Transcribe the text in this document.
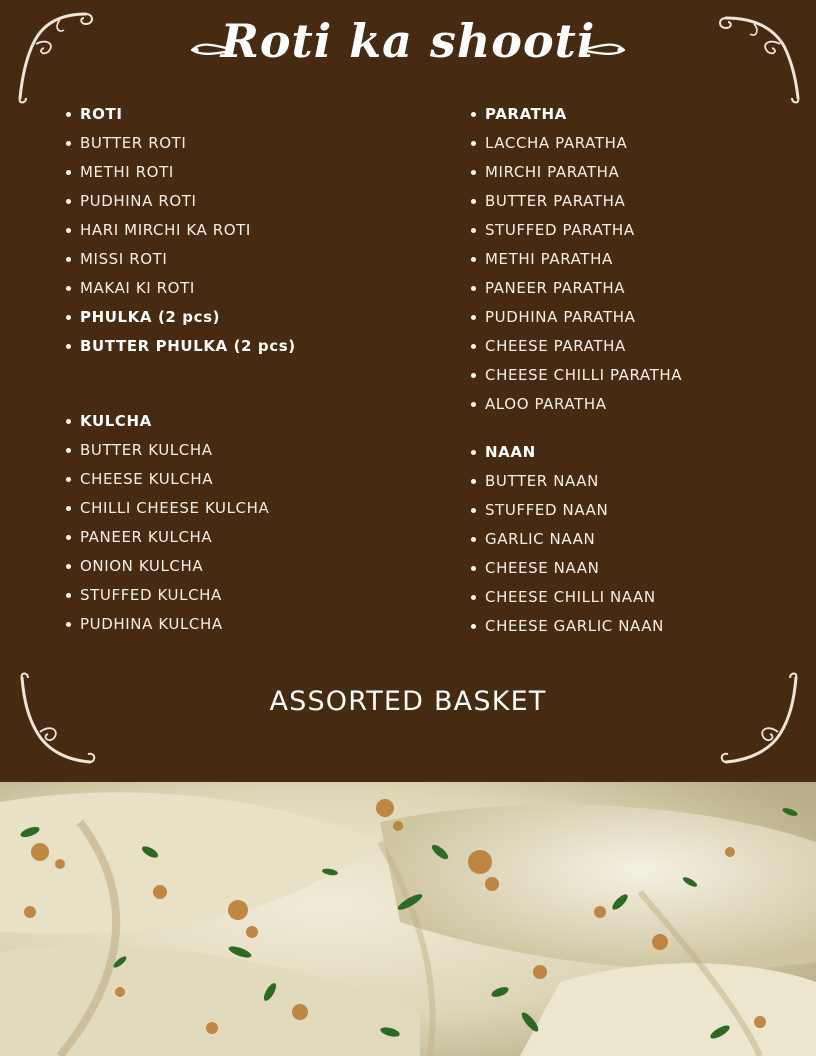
Roti ka shooti
ROTI
BUTTER ROTI
METHI ROTI
PUDHINA ROTI
HARI MIRCHI KA ROTI
MISSI ROTI
MAKAI KI ROTI
PHULKA (2 pcs)
BUTTER PHULKA (2 pcs)
KULCHA
BUTTER KULCHA
CHEESE KULCHA
CHILLI CHEESE KULCHA
PANEER KULCHA
ONION KULCHA
STUFFED KULCHA
PUDHINA KULCHA
PARATHA
LACCHA PARATHA
MIRCHI PARATHA
BUTTER PARATHA
STUFFED PARATHA
METHI PARATHA
PANEER PARATHA
PUDHINA PARATHA
CHEESE PARATHA
CHEESE CHILLI PARATHA
ALOO PARATHA
NAAN
BUTTER NAAN
STUFFED NAAN
GARLIC NAAN
CHEESE NAAN
CHEESE CHILLI NAAN
CHEESE GARLIC NAAN
ASSORTED BASKET
